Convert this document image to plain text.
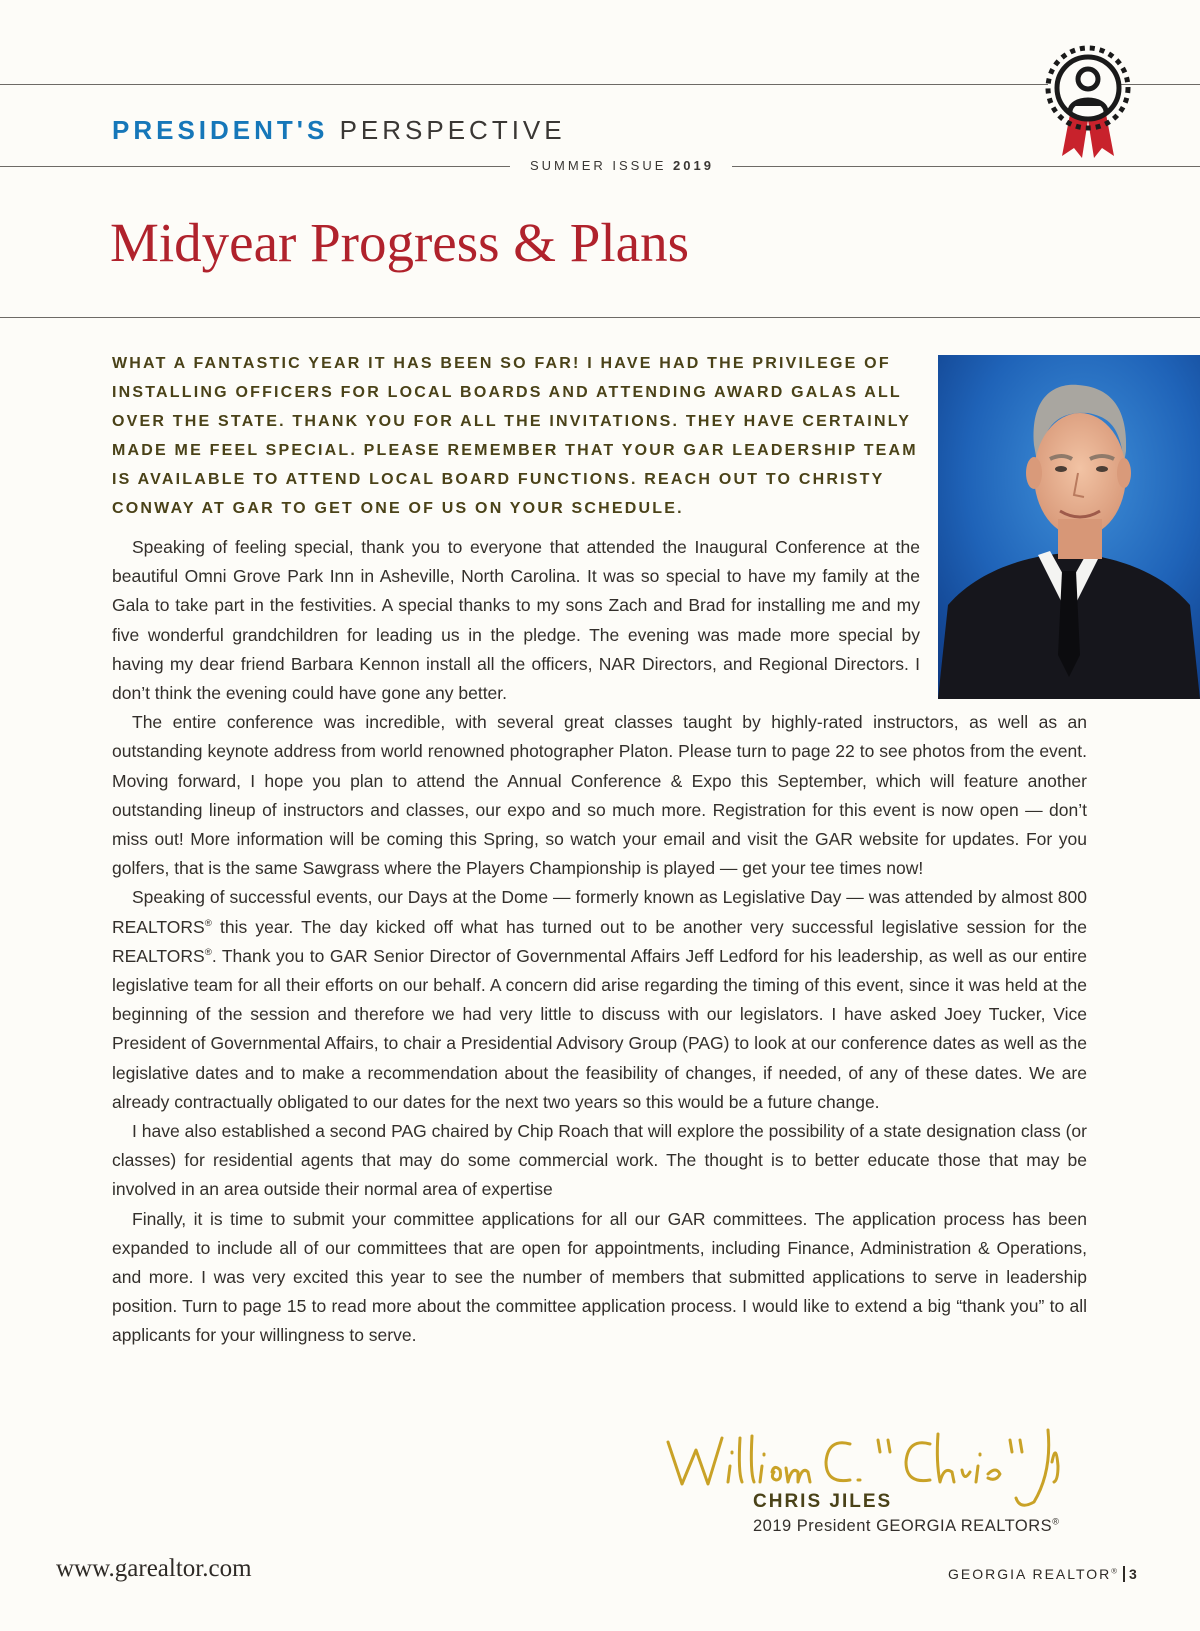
PRESIDENT'S PERSPECTIVE

SUMMER ISSUE 2019

Midyear Progress & Plans

WHAT A FANTASTIC YEAR IT HAS BEEN SO FAR! I HAVE HAD THE PRIVILEGE OF INSTALLING OFFICERS FOR LOCAL BOARDS AND ATTENDING AWARD GALAS ALL OVER THE STATE. THANK YOU FOR ALL THE INVITATIONS. THEY HAVE CERTAINLY MADE ME FEEL SPECIAL. PLEASE REMEMBER THAT YOUR GAR LEADERSHIP TEAM IS AVAILABLE TO ATTEND LOCAL BOARD FUNCTIONS. REACH OUT TO CHRISTY CONWAY AT GAR TO GET ONE OF US ON YOUR SCHEDULE.

Speaking of feeling special, thank you to everyone that attended the Inaugural Conference at the beautiful Omni Grove Park Inn in Asheville, North Carolina. It was so special to have my family at the Gala to take part in the festivities. A special thanks to my sons Zach and Brad for installing me and my five wonderful grandchildren for leading us in the pledge. The evening was made more special by having my dear friend Barbara Kennon install all the officers, NAR Directors, and Regional Directors. I don’t think the evening could have gone any better.

The entire conference was incredible, with several great classes taught by highly-rated instructors, as well as an outstanding keynote address from world renowned photographer Platon. Please turn to page 22 to see photos from the event. Moving forward, I hope you plan to attend the Annual Conference & Expo this September, which will feature another outstanding lineup of instructors and classes, our expo and so much more. Registration for this event is now open — don’t miss out! More information will be coming this Spring, so watch your email and visit the GAR website for updates. For you golfers, that is the same Sawgrass where the Players Championship is played — get your tee times now!

Speaking of successful events, our Days at the Dome — formerly known as Legislative Day — was attended by almost 800 REALTORS® this year. The day kicked off what has turned out to be another very successful legislative session for the REALTORS®. Thank you to GAR Senior Director of Governmental Affairs Jeff Ledford for his leadership, as well as our entire legislative team for all their efforts on our behalf. A concern did arise regarding the timing of this event, since it was held at the beginning of the session and therefore we had very little to discuss with our legislators. I have asked Joey Tucker, Vice President of Governmental Affairs, to chair a Presidential Advisory Group (PAG) to look at our conference dates as well as the legislative dates and to make a recommendation about the feasibility of changes, if needed, of any of these dates. We are already contractually obligated to our dates for the next two years so this would be a future change.

I have also established a second PAG chaired by Chip Roach that will explore the possibility of a state designation class (or classes) for residential agents that may do some commercial work. The thought is to better educate those that may be involved in an area outside their normal area of expertise

Finally, it is time to submit your committee applications for all our GAR committees. The application process has been expanded to include all of our committees that are open for appointments, including Finance, Administration & Operations, and more. I was very excited this year to see the number of members that submitted applications to serve in leadership position. Turn to page 15 to read more about the committee application process. I would like to extend a big “thank you” to all applicants for your willingness to serve.

CHRIS JILES

2019 President GEORGIA REALTORS®

www.garealtor.com	GEORGIA REALTOR® 3
